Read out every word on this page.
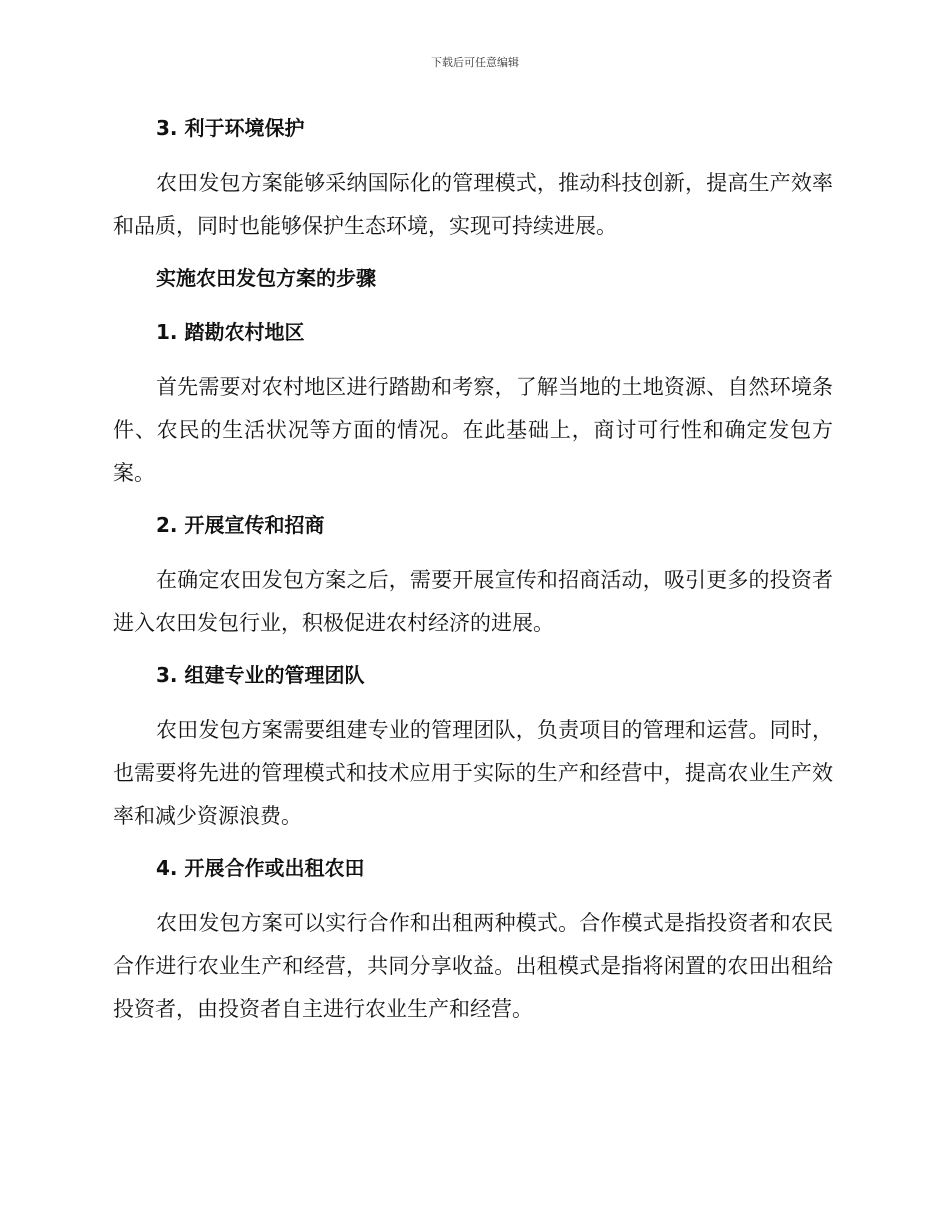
下载后可任意编辑
3. 利于环境保护

农田发包方案能够采纳国际化的管理模式，推动科技创新，提高生产效率和品质，同时也能够保护生态环境，实现可持续进展。

实施农田发包方案的步骤
1. 踏勘农村地区

首先需要对农村地区进行踏勘和考察，了解当地的土地资源、自然环境条件、农民的生活状况等方面的情况。在此基础上，商讨可行性和确定发包方案。

2. 开展宣传和招商

在确定农田发包方案之后，需要开展宣传和招商活动，吸引更多的投资者进入农田发包行业，积极促进农村经济的进展。

3. 组建专业的管理团队

农田发包方案需要组建专业的管理团队，负责项目的管理和运营。同时，也需要将先进的管理模式和技术应用于实际的生产和经营中，提高农业生产效率和减少资源浪费。

4. 开展合作或出租农田

农田发包方案可以实行合作和出租两种模式。合作模式是指投资者和农民合作进行农业生产和经营，共同分享收益。出租模式是指将闲置的农田出租给投资者，由投资者自主进行农业生产和经营。
